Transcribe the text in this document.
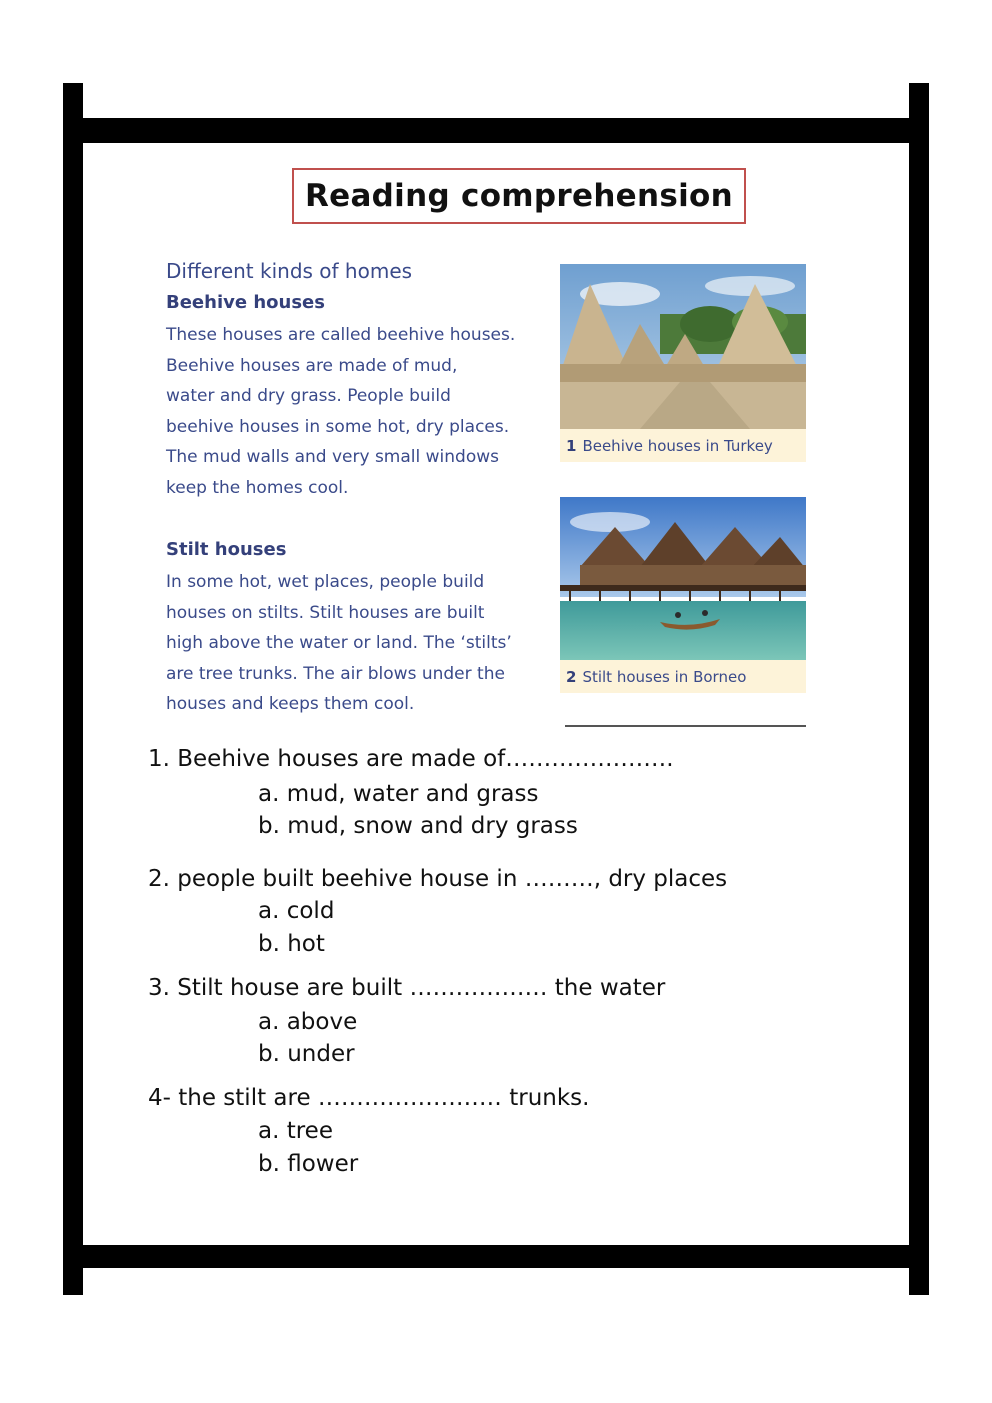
Reading comprehension
Different kinds of homes
Beehive houses
These houses are called beehive houses.
Beehive houses are made of mud,
water and dry grass. People build
beehive houses in some hot, dry places.
The mud walls and very small windows
keep the homes cool.
Stilt houses
In some hot, wet places, people build
houses on stilts. Stilt houses are built
high above the water or land. The ‘stilts’
are tree trunks. The air blows under the
houses and keeps them cool.
1 Beehive houses in Turkey
2 Stilt houses in Borneo
1. Beehive houses are made of………………….
a. mud, water and grass
b. mud, snow and dry grass
2. people built beehive house in ………, dry places
a. cold
b. hot
3. Stilt house are built ……………… the water
a. above
b. under
4- the stilt are …………………… trunks.
a. tree
b. flower
